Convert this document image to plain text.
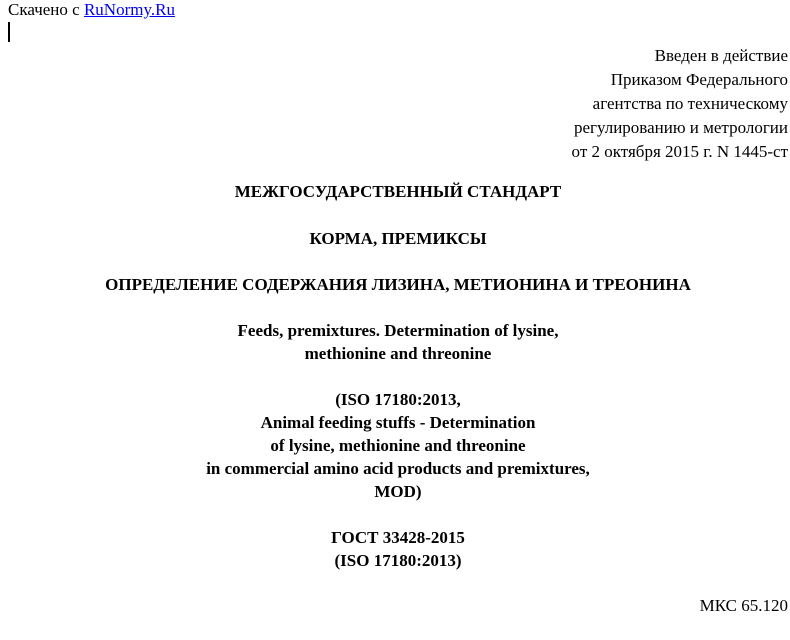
Скачено с RuNormy.Ru
Введен в действие
Приказом Федерального
агентства по техническому
регулированию и метрологии
от 2 октября 2015 г. N 1445-ст
МЕЖГОСУДАРСТВЕННЫЙ СТАНДАРТ
КОРМА, ПРЕМИКСЫ
ОПРЕДЕЛЕНИЕ СОДЕРЖАНИЯ ЛИЗИНА, МЕТИОНИНА И ТРЕОНИНА
Feeds, premixtures. Determination of lysine,
methionine and threonine
(ISO 17180:2013,
Animal feeding stuffs - Determination
of lysine, methionine and threonine
in commercial amino acid products and premixtures,
MOD)
ГОСТ 33428-2015
(ISO 17180:2013)
МКС 65.120
